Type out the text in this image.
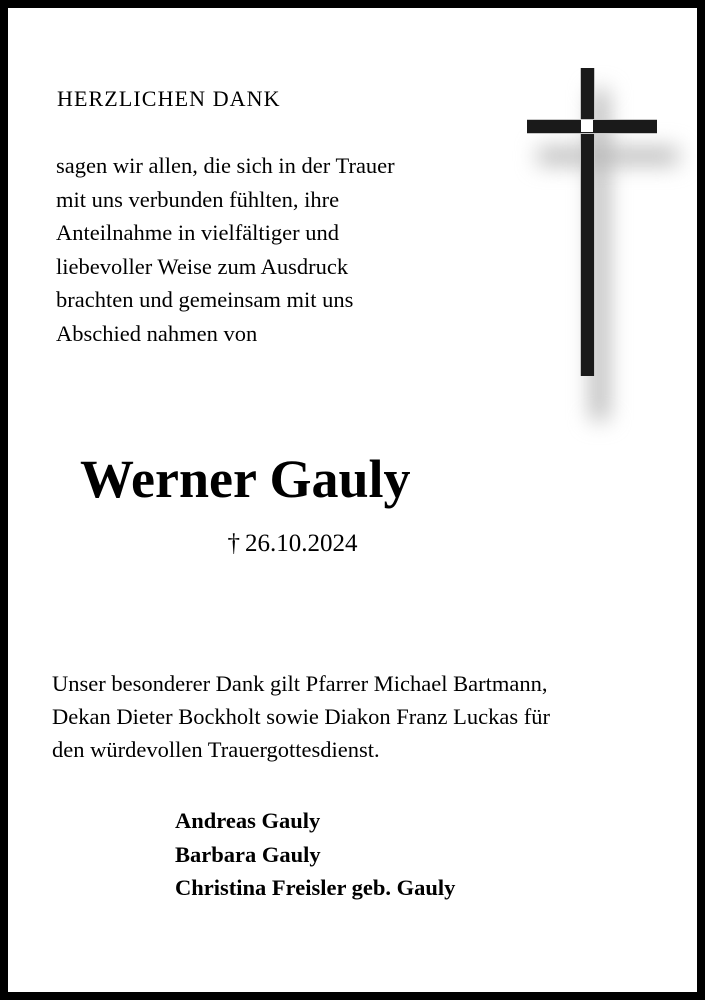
HERZLICHEN DANK
sagen wir allen, die sich in der Trauer
mit uns verbunden fühlten, ihre
Anteilnahme in vielfältiger und
liebevoller Weise zum Ausdruck
brachten und gemeinsam mit uns
Abschied nahmen von
Werner Gauly
† 26.10.2024
Unser besonderer Dank gilt Pfarrer Michael Bartmann,
Dekan Dieter Bockholt sowie Diakon Franz Luckas für
den würdevollen Trauergottesdienst.
Andreas Gauly
Barbara Gauly
Christina Freisler geb. Gauly
